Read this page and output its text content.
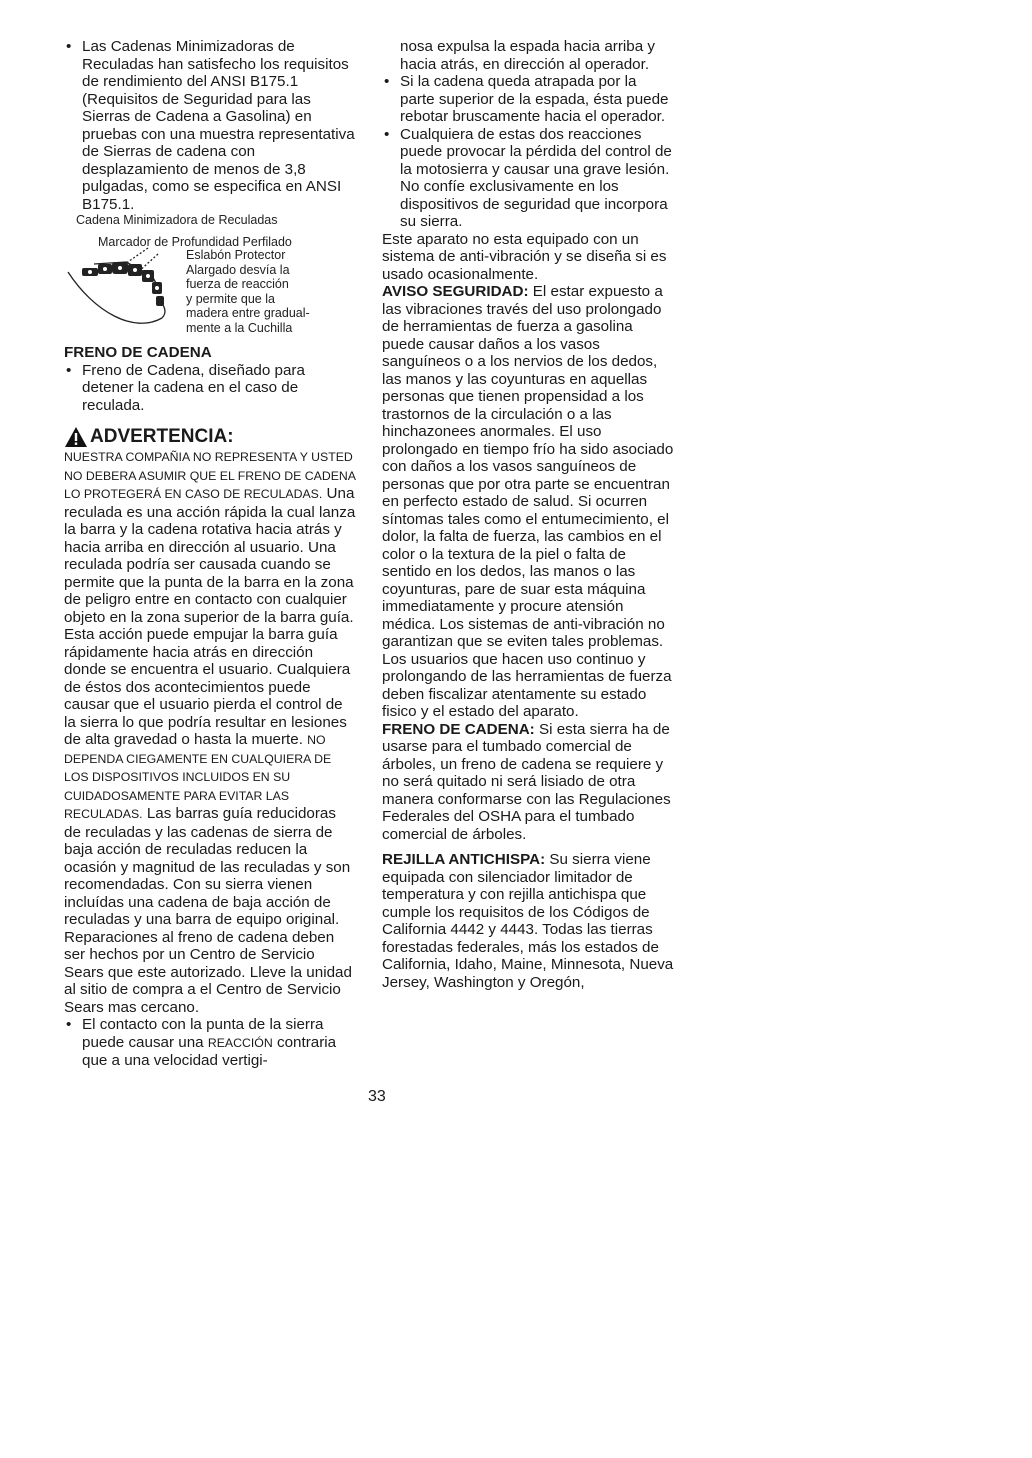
• Las Cadenas Minimizadoras de Reculadas han satisfecho los requisitos de rendimiento del ANSI B175.1 (Requisitos de Seguridad para las Sierras de Cadena a Gasolina) en pruebas con una muestra representativa de Sierras de cadena con desplazamiento de menos de 3,8 pulgadas, como se especifica en ANSI B175.1.

Cadena Minimizadora de Reculadas

Marcador de Profundidad Perfilado
Eslabón Protector
Alargado desvía la
fuerza de reacción
y permite que la
madera entre gradual-
mente a la Cuchilla

FRENO DE CADENA

• Freno de Cadena, diseñado para detener la cadena en el caso de reculada.

ADVERTENCIA:

NUESTRA COMPAÑIA NO REPRESENTA Y USTED NO DEBERA ASUMIR QUE EL FRENO DE CADENA LO PROTEGERÁ EN CASO DE RECULADAS. Una reculada es una acción rápida la cual lanza la barra y la cadena rotativa hacia atrás y hacia arriba en dirección al usuario. Una reculada podría ser causada cuando se permite que la punta de la barra en la zona de peligro entre en contacto con cualquier objeto en la zona superior de la barra guía. Esta acción puede empujar la barra guía rápidamente hacia atrás en dirección donde se encuentra el usuario. Cualquiera de éstos dos acontecimientos puede causar que el usuario pierda el control de la sierra lo que podría resultar en lesiones de alta gravedad o hasta la muerte. NO DEPENDA CIEGAMENTE EN CUALQUIERA DE LOS DISPOSITIVOS INCLUIDOS EN SU CUIDADOSAMENTE PARA EVITAR LAS RECULADAS. Las barras guía reducidoras de reculadas y las cadenas de sierra de baja acción de reculadas reducen la ocasión y magnitud de las reculadas y son recomendadas. Con su sierra vienen incluídas una cadena de baja acción de reculadas y una barra de equipo original. Reparaciones al freno de cadena deben ser hechos por un Centro de Servicio Sears que este autorizado. Lleve la unidad al sitio de compra a el Centro de Servicio Sears mas cercano.

• El contacto con la punta de la sierra puede causar una REACCIÓN contraria que a una velocidad vertigi-

nosa expulsa la espada hacia arriba y hacia atrás, en dirección al operador.

• Si la cadena queda atrapada por la parte superior de la espada, ésta puede rebotar bruscamente hacia el operador.

• Cualquiera de estas dos reacciones puede provocar la pérdida del control de la motosierra y causar una grave lesión. No confíe exclusivamente en los dispositivos de seguridad que incorpora su sierra.

Este aparato no esta equipado con un sistema de anti-vibración y se diseña si es usado ocasionalmente.

AVISO SEGURIDAD: El estar expuesto a las vibraciones través del uso prolongado de herramientas de fuerza a gasolina puede causar daños a los vasos sanguíneos o a los nervios de los dedos, las manos y las coyunturas en aquellas personas que tienen propensidad a los trastornos de la circulación o a las hinchazonees anormales. El uso prolongado en tiempo frío ha sido asociado con daños a los vasos sanguíneos de personas que por otra parte se encuentran en perfecto estado de salud. Si ocurren síntomas tales como el entumecimiento, el dolor, la falta de fuerza, las cambios en el color o la textura de la piel o falta de sentido en los dedos, las manos o las coyunturas, pare de suar esta máquina immediatamente y procure atensión médica. Los sistemas de anti-vibración no garantizan que se eviten tales problemas. Los usuarios que hacen uso continuo y prolongando de las herramientas de fuerza deben fiscalizar atentamente su estado fisico y el estado del aparato.

FRENO DE CADENA: Si esta sierra ha de usarse para el tumbado comercial de árboles, un freno de cadena se requiere y no será quitado ni será lisiado de otra manera conformarse con las Regulaciones Federales del OSHA para el tumbado comercial de árboles.

REJILLA ANTICHISPA: Su sierra viene equipada con silenciador limitador de temperatura y con rejilla antichispa que cumple los requisitos de los Códigos de California 4442 y 4443. Todas las tierras forestadas federales, más los estados de California, Idaho, Maine, Minnesota, Nueva Jersey, Washington y Oregón,

33
